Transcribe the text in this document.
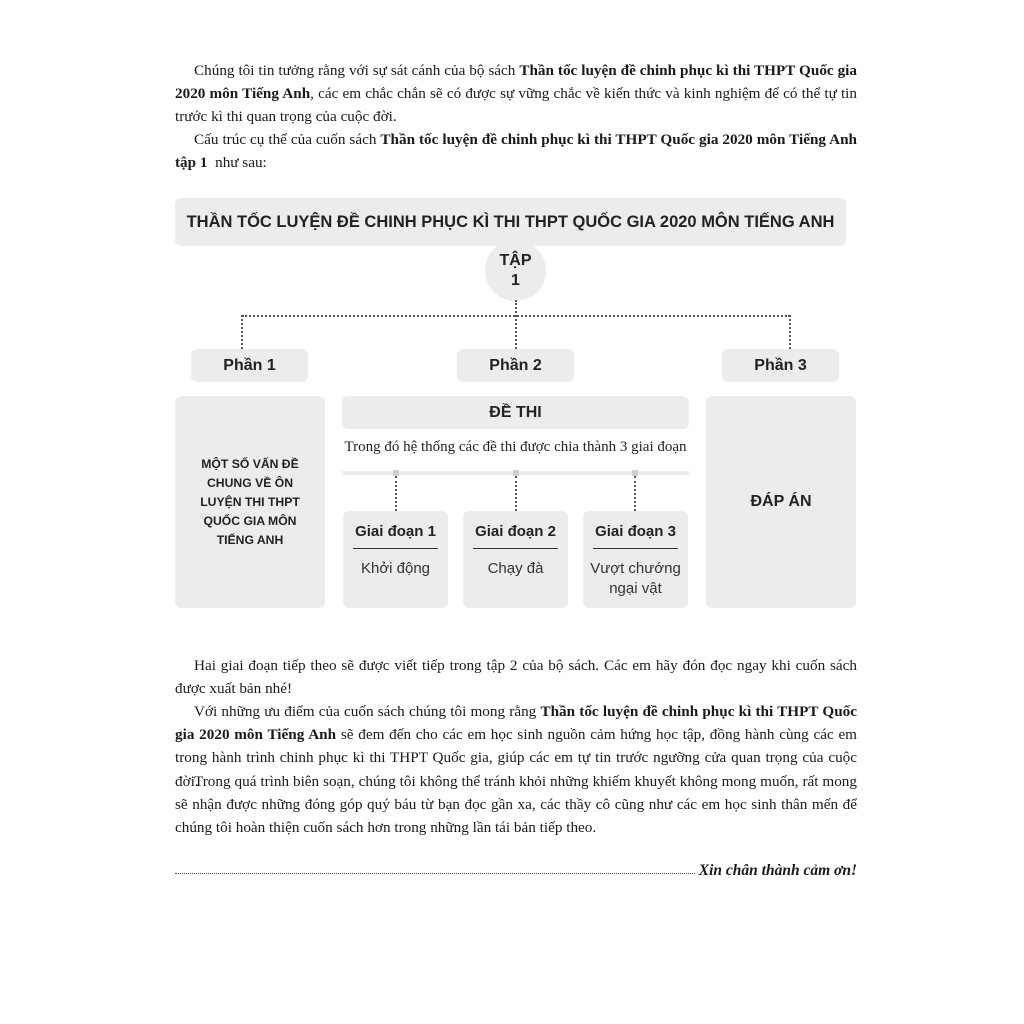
Chúng tôi tin tưởng rằng với sự sát cánh của bộ sách Thần tốc luyện đề chinh phục kì thi THPT Quốc gia 2020 môn Tiếng Anh, các em chắc chắn sẽ có được sự vững chắc về kiến thức và kinh nghiệm để có thể tự tin trước kì thi quan trọng của cuộc đời.

Cấu trúc cụ thể của cuốn sách Thần tốc luyện đề chinh phục kì thi THPT Quốc gia 2020 môn Tiếng Anh tập 1  như sau:

THẦN TỐC LUYỆN ĐỀ CHINH PHỤC KÌ THI THPT QUỐC GIA 2020 MÔN TIẾNG ANH
TẬP
1
Phần 1	Phần 2	Phần 3
MỘT SỐ VẤN ĐỀ CHUNG VỀ ÔN LUYỆN THI THPT QUỐC GIA MÔN TIẾNG ANH
ĐỀ THI
Trong đó hệ thống các đề thi được chia thành 3 giai đoạn
Giai đoạn 1
Khởi động
Giai đoạn 2
Chạy đà
Giai đoạn 3
Vượt chướng ngại vật
ĐÁP ÁN

Hai giai đoạn tiếp theo sẽ được viết tiếp trong tập 2 của bộ sách. Các em hãy đón đọc ngay khi cuốn sách được xuất bản nhé!

Với những ưu điểm của cuốn sách chúng tôi mong rằng Thần tốc luyện đề chinh phục kì thi THPT Quốc gia 2020 môn Tiếng Anh sẽ đem đến cho các em học sinh nguồn cảm hứng học tập, đồng hành cùng các em trong hành trình chinh phục kì thi THPT Quốc gia, giúp các em tự tin trước ngưỡng cửa quan trọng của cuộc đời.

Trong quá trình biên soạn, chúng tôi không thể tránh khỏi những khiếm khuyết không mong muốn, rất mong sẽ nhận được những đóng góp quý báu từ bạn đọc gần xa, các thầy cô cũng như các em học sinh thân mến để chúng tôi hoàn thiện cuốn sách hơn trong những lần tái bản tiếp theo.

Xin chân thành cảm ơn!
